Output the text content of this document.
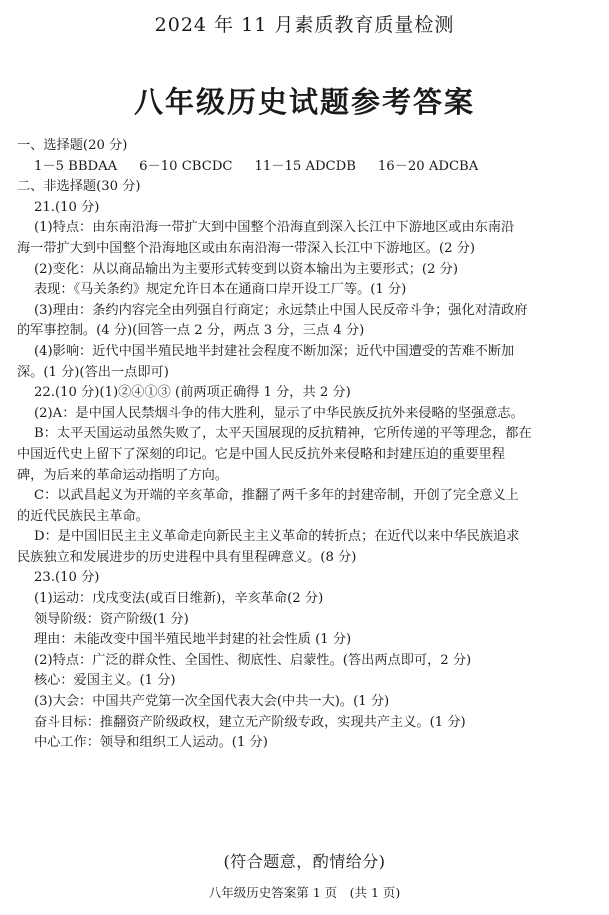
2024 年 11 月素质教育质量检测
八年级历史试题参考答案
一、选择题(20 分)
1－5 BBDAA 6－10 CBCDC 11－15 ADCDB 16－20 ADCBA
二、非选择题(30 分)
21.(10 分)
(1)特点：由东南沿海一带扩大到中国整个沿海直到深入长江中下游地区或由东南沿
海一带扩大到中国整个沿海地区或由东南沿海一带深入长江中下游地区。(2 分)
(2)变化：从以商品输出为主要形式转变到以资本输出为主要形式；(2 分)
表现：《马关条约》规定允许日本在通商口岸开设工厂等。(1 分)
(3)理由：条约内容完全由列强自行商定；永远禁止中国人民反帝斗争；强化对清政府
的军事控制。(4 分)(回答一点 2 分，两点 3 分，三点 4 分)
(4)影响：近代中国半殖民地半封建社会程度不断加深；近代中国遭受的苦难不断加
深。(1 分)(答出一点即可)
22.(10 分)(1)②④①③ (前两项正确得 1 分，共 2 分)
(2)A：是中国人民禁烟斗争的伟大胜利，显示了中华民族反抗外来侵略的坚强意志。
B：太平天国运动虽然失败了，太平天国展现的反抗精神，它所传递的平等理念，都在
中国近代史上留下了深刻的印记。它是中国人民反抗外来侵略和封建压迫的重要里程
碑，为后来的革命运动指明了方向。
C：以武昌起义为开端的辛亥革命，推翻了两千多年的封建帝制，开创了完全意义上
的近代民族民主革命。
D：是中国旧民主主义革命走向新民主主义革命的转折点；在近代以来中华民族追求
民族独立和发展进步的历史进程中具有里程碑意义。(8 分)
23.(10 分)
(1)运动：戊戌变法(或百日维新)，辛亥革命(2 分)
领导阶级：资产阶级(1 分)
理由：未能改变中国半殖民地半封建的社会性质 (1 分)
(2)特点：广泛的群众性、全国性、彻底性、启蒙性。(答出两点即可，2 分)
核心：爱国主义。(1 分)
(3)大会：中国共产党第一次全国代表大会(中共一大)。(1 分)
奋斗目标：推翻资产阶级政权，建立无产阶级专政，实现共产主义。(1 分)
中心工作：领导和组织工人运动。(1 分)
(符合题意，酌情给分)
八年级历史答案第 1 页　(共 1 页)
